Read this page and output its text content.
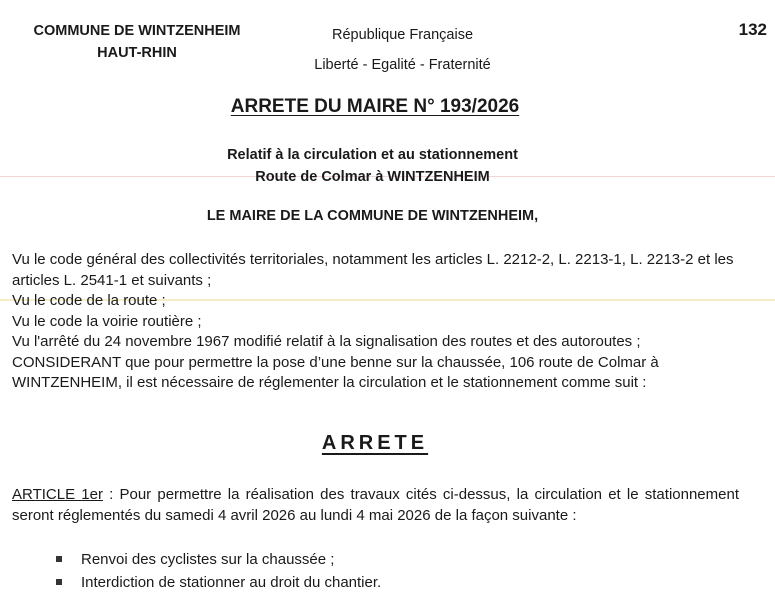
COMMUNE DE WINTZENHEIM
HAUT-RHIN
République Française
Liberté - Egalité - Fraternité
132
ARRETE DU MAIRE N° 193/2026
Relatif à la circulation et au stationnement
Route de Colmar à WINTZENHEIM
LE MAIRE DE LA COMMUNE DE WINTZENHEIM,

Vu le code général des collectivités territoriales, notamment les articles L. 2212-2, L. 2213-1, L. 2213-2 et les articles L. 2541-1 et suivants ;

Vu le code de la route ;

Vu le code la voirie routière ;

Vu l'arrêté du 24 novembre 1967 modifié relatif à la signalisation des routes et des autoroutes ;

CONSIDERANT que pour permettre la pose d’une benne sur la chaussée, 106 route de Colmar à WINTZENHEIM, il est nécessaire de réglementer la circulation et le stationnement comme suit :

ARRETE
ARTICLE 1er : Pour permettre la réalisation des travaux cités ci-dessus, la circulation et le stationnement seront réglementés du samedi 4 avril 2026 au lundi 4 mai 2026 de la façon suivante :
Renvoi des cyclistes sur la chaussée ;
Interdiction de stationner au droit du chantier.
